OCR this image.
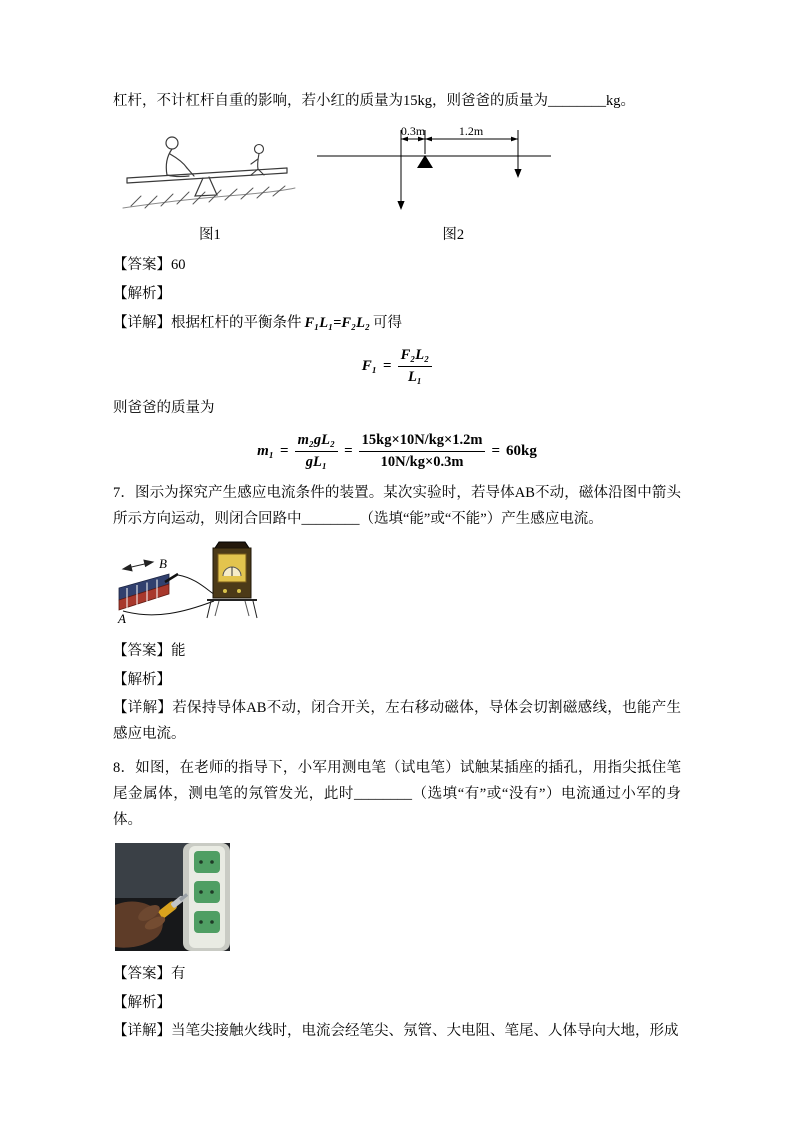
杠杆，不计杠杆自重的影响，若小红的质量为15kg，则爸爸的质量为________kg。

0.3m	1.2m
图1	图2

【答案】60

【解析】

【详解】根据杠杆的平衡条件 F₁L₁=F₂L₂ 可得

$F_1 = \frac{\text{F₂L₂}}{\text{L₁}}$

则爸爸的质量为

$m_1 = \frac{\text{m₂gL₂}}{\text{gL₁}} = \frac{15kg\times 10N/kg\times 1.2m}{10N/kg\times 0.3m} = 60kg$

7．图示为探究产生感应电流条件的装置。某次实验时，若导体AB不动，磁体沿图中箭头所示方向运动，则闭合回路中________（选填“能”或“不能”）产生感应电流。

A
B

【答案】能

【解析】

【详解】若保持导体AB不动，闭合开关，左右移动磁体，导体会切割磁感线，也能产生感应电流。

8．如图，在老师的指导下，小军用测电笔（试电笔）试触某插座的插孔，用指尖抵住笔尾金属体，测电笔的氖管发光，此时________（选填“有”或“没有”）电流通过小军的身体。

【答案】有

【解析】

【详解】当笔尖接触火线时，电流会经笔尖、氖管、大电阻、笔尾、人体导向大地，形成
